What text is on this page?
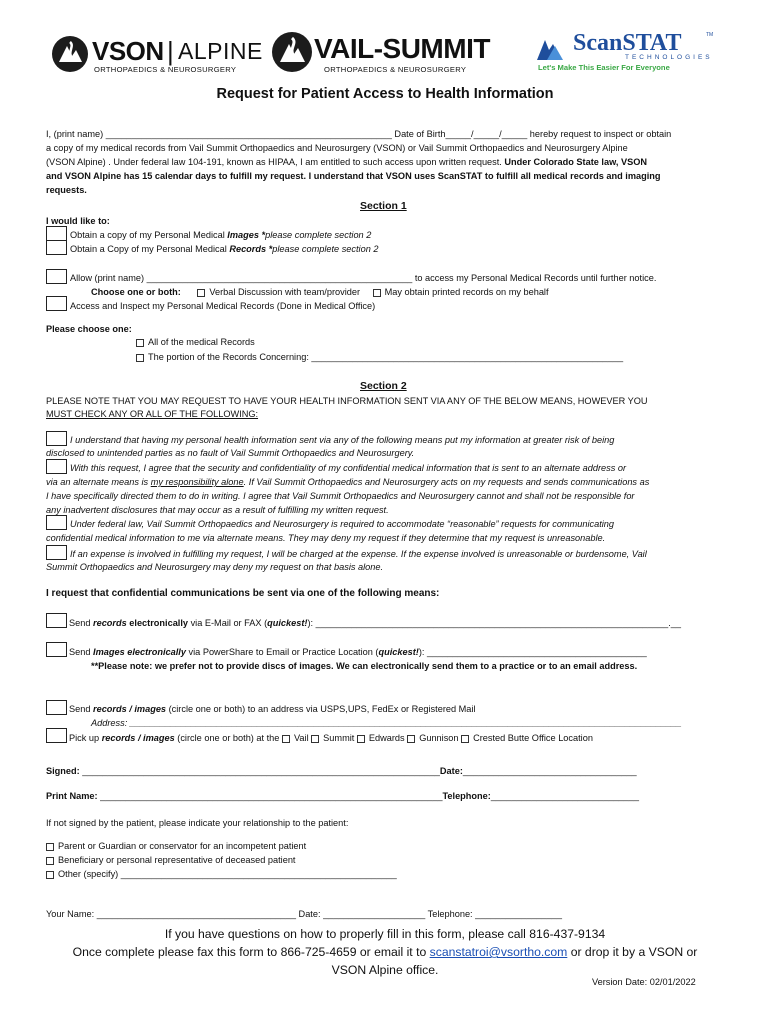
VSON | ALPINE
ORTHOPAEDICS & NEUROSURGERY
VAIL-SUMMIT
ORTHOPAEDICS & NEUROSURGERY
ScanSTAT	TM
TECHNOLOGIES
Let's Make This Easier For Everyone
Request for Patient Access to Health Information
I, (print name) ________________________________________________________ Date of Birth_____/_____/_____ hereby request to inspect or obtain
a copy of my medical records from Vail Summit Orthopaedics and Neurosurgery (VSON) or Vail Summit Orthopaedics and Neurosurgery Alpine
(VSON Alpine) . Under federal law 104-191, known as HIPAA, I am entitled to such access upon written request. Under Colorado State law, VSON
and VSON Alpine has 15 calendar days to fulfill my request. I understand that VSON uses ScanSTAT to fulfill all medical records and imaging
requests.
Section 1
I would like to:
Obtain a copy of my Personal Medical Images *please complete section 2
Obtain a Copy of my Personal Medical Records *please complete section 2
Allow (print name) ____________________________________________________ to access my Personal Medical Records until further notice.
Choose one or both:	Verbal Discussion with team/provider	May obtain printed records on my behalf
Access and Inspect my Personal Medical Records (Done in Medical Office)
Please choose one:
All of the medical Records
The portion of the Records Concerning: _____________________________________________________________
Section 2
PLEASE NOTE THAT YOU MAY REQUEST TO HAVE YOUR HEALTH INFORMATION SENT VIA ANY OF THE BELOW MEANS, HOWEVER YOU
MUST CHECK ANY OR ALL OF THE FOLLOWING:
I understand that having my personal health information sent via any of the following means put my information at greater risk of being
disclosed to unintended parties as no fault of Vail Summit Orthopaedics and Neurosurgery.
With this request, I agree that the security and confidentiality of my confidential medical information that is sent to an alternate address or
via an alternate means is my responsibility alone. If Vail Summit Orthopaedics and Neurosurgery acts on my requests and sends communications as
I have specifically directed them to do in writing. I agree that Vail Summit Orthopaedics and Neurosurgery cannot and shall not be responsible for
any inadvertent disclosures that may occur as a result of fulfilling my written request.
Under federal law, Vail Summit Orthopaedics and Neurosurgery is required to accommodate “reasonable” requests for communicating
confidential medical information to me via alternate means. They may deny my request if they determine that my request is unreasonable.
If an expense is involved in fulfilling my request, I will be charged at the expense. If the expense involved is unreasonable or burdensome, Vail
Summit Orthopaedics and Neurosurgery may deny my request on that basis alone.
I request that confidential communications be sent via one of the following means:
Send records electronically via E-Mail or FAX (quickest!): _____________________________________________________________________.__
Send Images electronically via PowerShare to Email or Practice Location (quickest!): ___________________________________________
**Please note: we prefer not to provide discs of images. We can electronically send them to a practice or to an email address.
Send records / images (circle one or both) to an address via USPS,UPS, FedEx or Registered Mail
Address: ____________________________________________________________________________________________________________
Pick up records / images (circle one or both) at the Vail Summit Edwards Gunnison Crested Butte Office Location
Signed: ______________________________________________________________________Date:__________________________________
Print Name: ___________________________________________________________________Telephone:_____________________________
If not signed by the patient, please indicate your relationship to the patient:
Parent or Guardian or conservator for an incompetent patient
Beneficiary or personal representative of deceased patient
Other (specify) ______________________________________________________
Your Name: _______________________________________ Date: ____________________ Telephone: _________________
If you have questions on how to properly fill in this form, please call 816-437-9134
Once complete please fax this form to 866-725-4659 or email it to scanstatroi@vsortho.com or drop it by a VSON or
VSON Alpine office.
Version Date: 02/01/2022
